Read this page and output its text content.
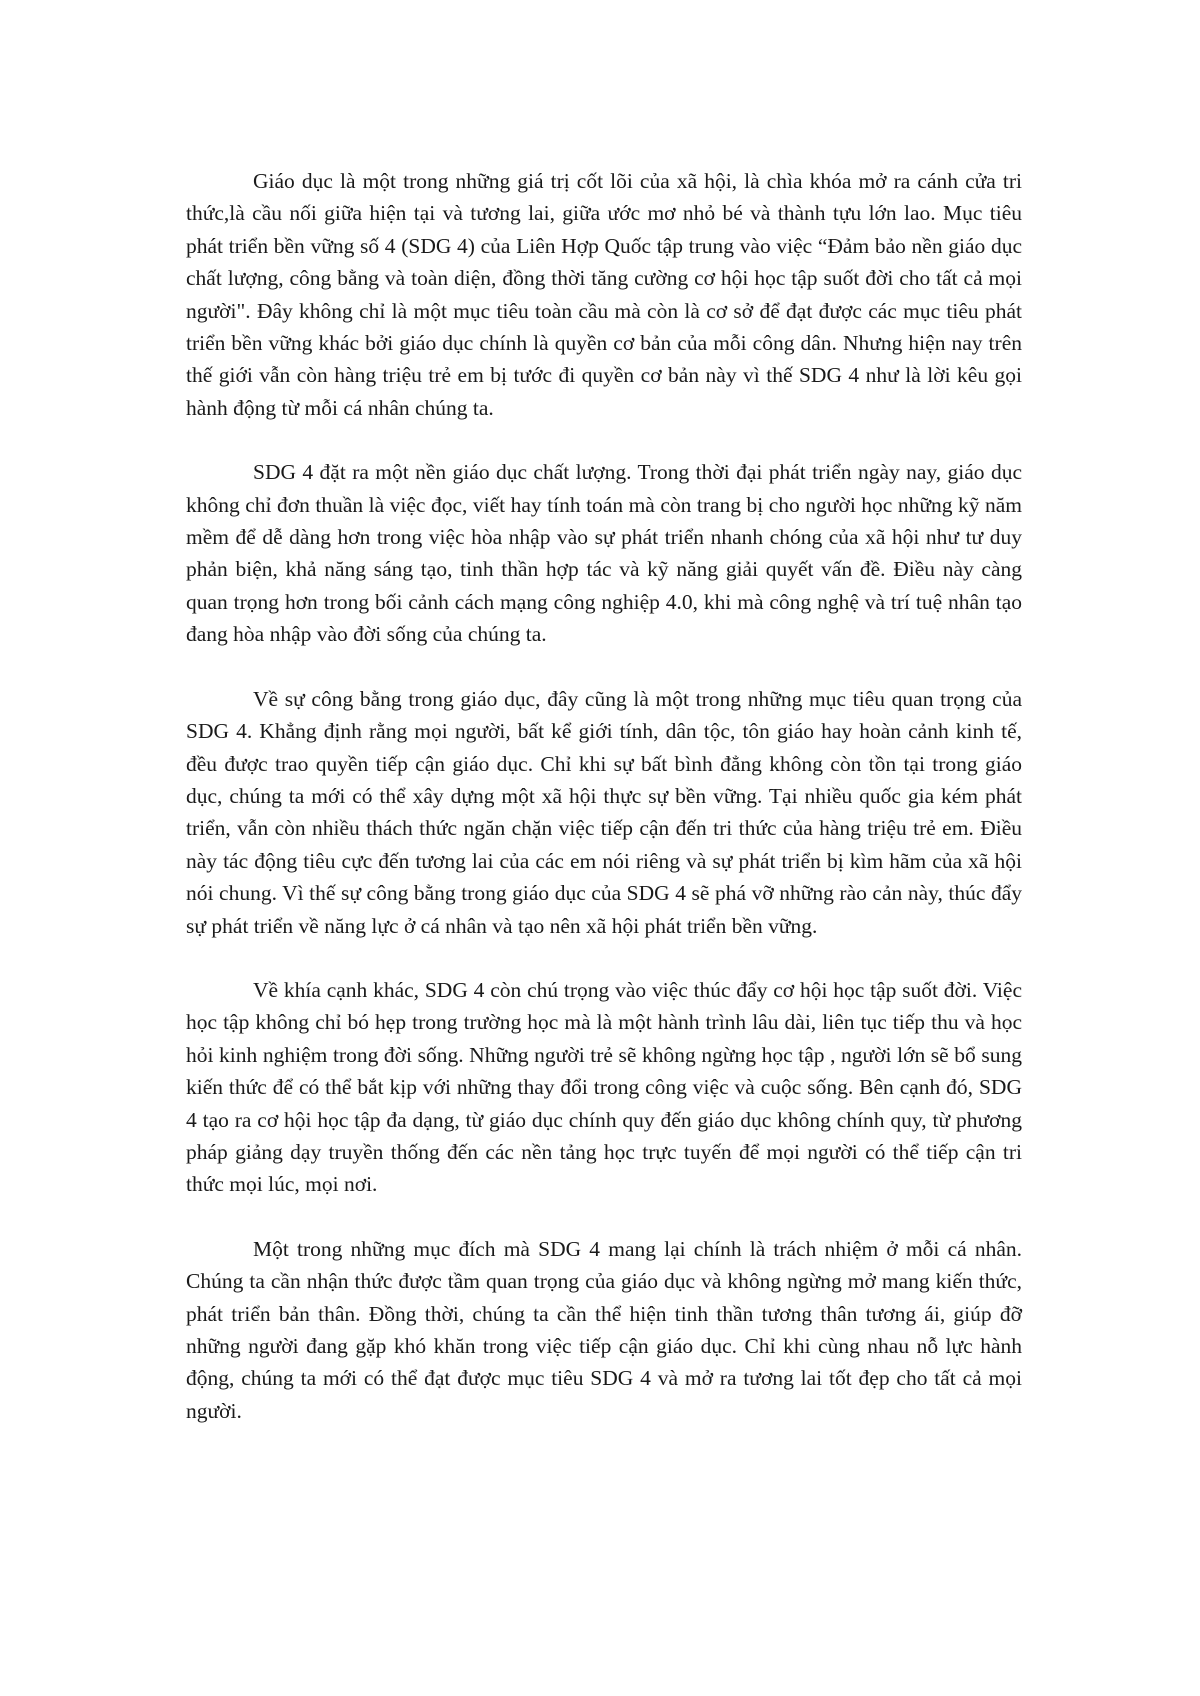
Giáo dục là một trong những giá trị cốt lõi của xã hội, là chìa khóa mở ra cánh cửa tri thức,là cầu nối giữa hiện tại và tương lai, giữa ước mơ nhỏ bé và thành tựu lớn lao. Mục tiêu phát triển bền vững số 4 (SDG 4) của Liên Hợp Quốc tập trung vào việc “Đảm bảo nền giáo dục chất lượng, công bằng và toàn diện, đồng thời tăng cường cơ hội học tập suốt đời cho tất cả mọi người". Đây không chỉ là một mục tiêu toàn cầu mà còn là cơ sở để đạt được các mục tiêu phát triển bền vững khác bởi giáo dục chính là quyền cơ bản của mỗi công dân. Nhưng hiện nay trên thế giới vẫn còn hàng triệu trẻ em bị tước đi quyền cơ bản này vì thế SDG 4 như là lời kêu gọi hành động từ mỗi cá nhân chúng ta.

SDG 4 đặt ra một nền giáo dục chất lượng. Trong thời đại phát triển ngày nay, giáo dục không chỉ đơn thuần là việc đọc, viết hay tính toán mà còn trang bị cho người học những kỹ năm mềm để dễ dàng hơn trong việc hòa nhập vào sự phát triển nhanh chóng của xã hội như tư duy phản biện, khả năng sáng tạo, tinh thần hợp tác và kỹ năng giải quyết vấn đề. Điều này càng quan trọng hơn trong bối cảnh cách mạng công nghiệp 4.0, khi mà công nghệ và trí tuệ nhân tạo đang hòa nhập vào đời sống của chúng ta.

Về sự công bằng trong giáo dục, đây cũng là một trong những mục tiêu quan trọng của SDG 4. Khẳng định rằng mọi người, bất kể giới tính, dân tộc, tôn giáo hay hoàn cảnh kinh tế, đều được trao quyền tiếp cận giáo dục. Chỉ khi sự bất bình đẳng không còn tồn tại trong giáo dục, chúng ta mới có thể xây dựng một xã hội thực sự bền vững. Tại nhiều quốc gia kém phát triển, vẫn còn nhiều thách thức ngăn chặn việc tiếp cận đến tri thức của hàng triệu trẻ em. Điều này tác động tiêu cực đến tương lai của các em nói riêng và sự phát triển bị kìm hãm của xã hội nói chung. Vì thế sự công bằng trong giáo dục của SDG 4 sẽ phá vỡ những rào cản này, thúc đẩy sự phát triển về năng lực ở cá nhân và tạo nên xã hội phát triển bền vững.

Về khía cạnh khác, SDG 4 còn chú trọng vào việc thúc đẩy cơ hội học tập suốt đời. Việc học tập không chỉ bó hẹp trong trường học mà là một hành trình lâu dài, liên tục tiếp thu và học hỏi kinh nghiệm trong đời sống. Những người trẻ sẽ không ngừng học tập , người lớn sẽ bổ sung kiến thức để có thể bắt kịp với những thay đổi trong công việc và cuộc sống. Bên cạnh đó, SDG 4 tạo ra cơ hội học tập đa dạng, từ giáo dục chính quy đến giáo dục không chính quy, từ phương pháp giảng dạy truyền thống đến các nền tảng học trực tuyến để mọi người có thể tiếp cận tri thức mọi lúc, mọi nơi.

Một trong những mục đích mà SDG 4 mang lại chính là trách nhiệm ở mỗi cá nhân. Chúng ta cần nhận thức được tầm quan trọng của giáo dục và không ngừng mở mang kiến thức, phát triển bản thân. Đồng thời, chúng ta cần thể hiện tinh thần tương thân tương ái, giúp đỡ những người đang gặp khó khăn trong việc tiếp cận giáo dục. Chỉ khi cùng nhau nỗ lực hành động, chúng ta mới có thể đạt được mục tiêu SDG 4 và mở ra tương lai tốt đẹp cho tất cả mọi người.
